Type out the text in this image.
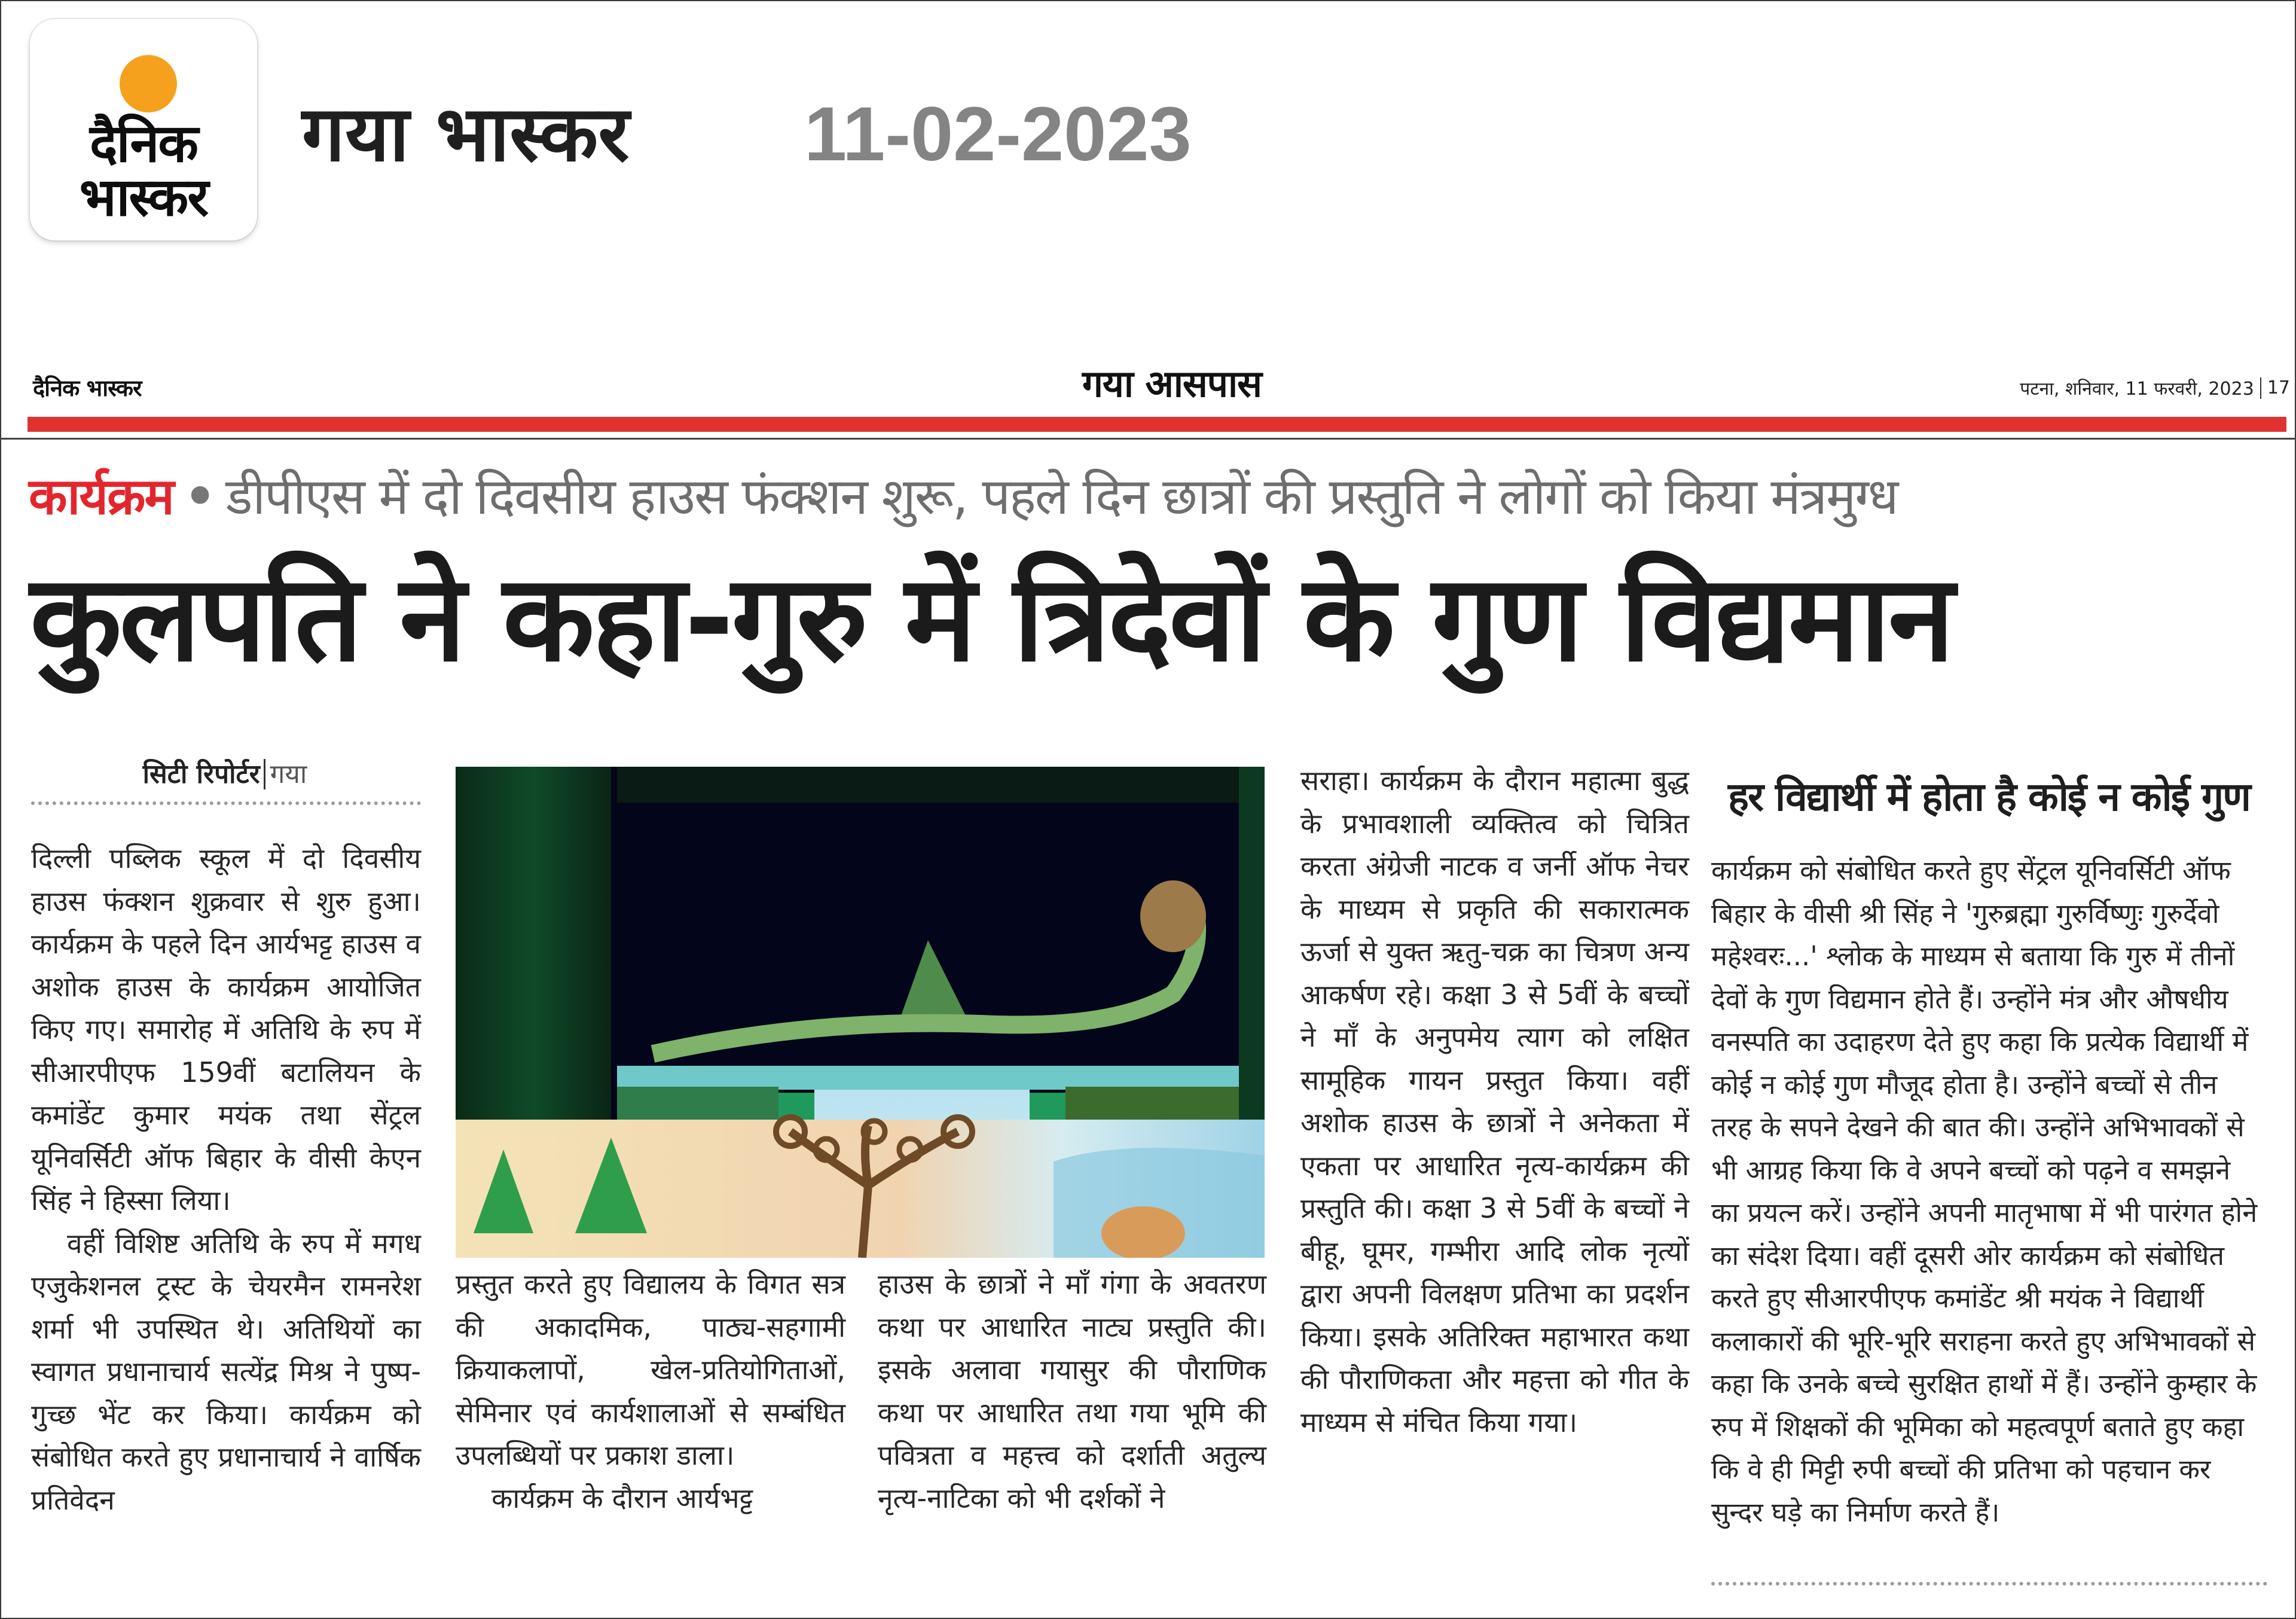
दैनिक
भास्कर
गया भास्कर 11-02-2023
दैनिक भास्कर	गया आसपास	पटना, शनिवार, 11 फरवरी, 2023 17
कार्यक्रम • डीपीएस में दो दिवसीय हाउस फंक्शन शुरू, पहले दिन छात्रों की प्रस्तुति ने लोगों को किया मंत्रमुग्ध
कुलपति ने कहा-गुरु में त्रिदेवों के गुण विद्यमान
सिटी रिपोर्टर गया

दिल्ली पब्लिक स्कूल में दो दिवसीय हाउस फंक्शन शुक्रवार से शुरु हुआ। कार्यक्रम के पहले दिन आर्यभट्ट हाउस व अशोक हाउस के कार्यक्रम आयोजित किए गए। समारोह में अतिथि के रुप में सीआरपीएफ 159वीं बटालियन के कमांडेंट कुमार मयंक तथा सेंट्रल यूनिवर्सिटी ऑफ बिहार के वीसी केएन सिंह ने हिस्सा लिया।

वहीं विशिष्ट अतिथि के रुप में मगध एजुकेशनल ट्रस्ट के चेयरमैन रामनरेश शर्मा भी उपस्थित थे। अतिथियों का स्वागत प्रधानाचार्य सत्येंद्र मिश्र ने पुष्प-गुच्छ भेंट कर किया। कार्यक्रम को संबोधित करते हुए प्रधानाचार्य ने वार्षिक प्रतिवेदन

प्रस्तुत करते हुए विद्यालय के विगत सत्र की अकादमिक, पाठ्य-सहगामी क्रियाकलापों, खेल-प्रतियोगिताओं, सेमिनार एवं कार्यशालाओं से सम्बंधित उपलब्धियों पर प्रकाश डाला।

कार्यक्रम के दौरान आर्यभट्ट

हाउस के छात्रों ने माँ गंगा के अवतरण कथा पर आधारित नाट्य प्रस्तुति की। इसके अलावा गयासुर की पौराणिक कथा पर आधारित तथा गया भूमि की पवित्रता व महत्त्व को दर्शाती अतुल्य नृत्य-नाटिका को भी दर्शकों ने

सराहा। कार्यक्रम के दौरान महात्मा बुद्ध के प्रभावशाली व्यक्तित्व को चित्रित करता अंग्रेजी नाटक व जर्नी ऑफ नेचर के माध्यम से प्रकृति की सकारात्मक ऊर्जा से युक्त ऋतु-चक्र का चित्रण अन्य आकर्षण रहे। कक्षा 3 से 5वीं के बच्चों ने माँ के अनुपमेय त्याग को लक्षित सामूहिक गायन प्रस्तुत किया। वहीं अशोक हाउस के छात्रों ने अनेकता में एकता पर आधारित नृत्य-कार्यक्रम की प्रस्तुति की। कक्षा 3 से 5वीं के बच्चों ने बीहू, घूमर, गम्भीरा आदि लोक नृत्यों द्वारा अपनी विलक्षण प्रतिभा का प्रदर्शन किया। इसके अतिरिक्त महाभारत कथा की पौराणिकता और महत्ता को गीत के माध्यम से मंचित किया गया।

हर विद्यार्थी में होता है कोई न कोई गुण

कार्यक्रम को संबोधित करते हुए सेंट्रल यूनिवर्सिटी ऑफ बिहार के वीसी श्री सिंह ने 'गुरुब्रह्मा गुरुर्विष्णुः गुरुर्देवो महेश्वरः...' श्लोक के माध्यम से बताया कि गुरु में तीनों देवों के गुण विद्यमान होते हैं। उन्होंने मंत्र और औषधीय वनस्पति का उदाहरण देते हुए कहा कि प्रत्येक विद्यार्थी में कोई न कोई गुण मौजूद होता है। उन्होंने बच्चों से तीन तरह के सपने देखने की बात की। उन्होंने अभिभावकों से भी आग्रह किया कि वे अपने बच्चों को पढ़ने व समझने का प्रयत्न करें। उन्होंने अपनी मातृभाषा में भी पारंगत होने का संदेश दिया। वहीं दूसरी ओर कार्यक्रम को संबोधित करते हुए सीआरपीएफ कमांडेंट श्री मयंक ने विद्यार्थी कलाकारों की भूरि-भूरि सराहना करते हुए अभिभावकों से कहा कि उनके बच्चे सुरक्षित हाथों में हैं। उन्होंने कुम्हार के रुप में शिक्षकों की भूमिका को महत्वपूर्ण बताते हुए कहा कि वे ही मिट्टी रुपी बच्चों की प्रतिभा को पहचान कर सुन्दर घड़े का निर्माण करते हैं।
